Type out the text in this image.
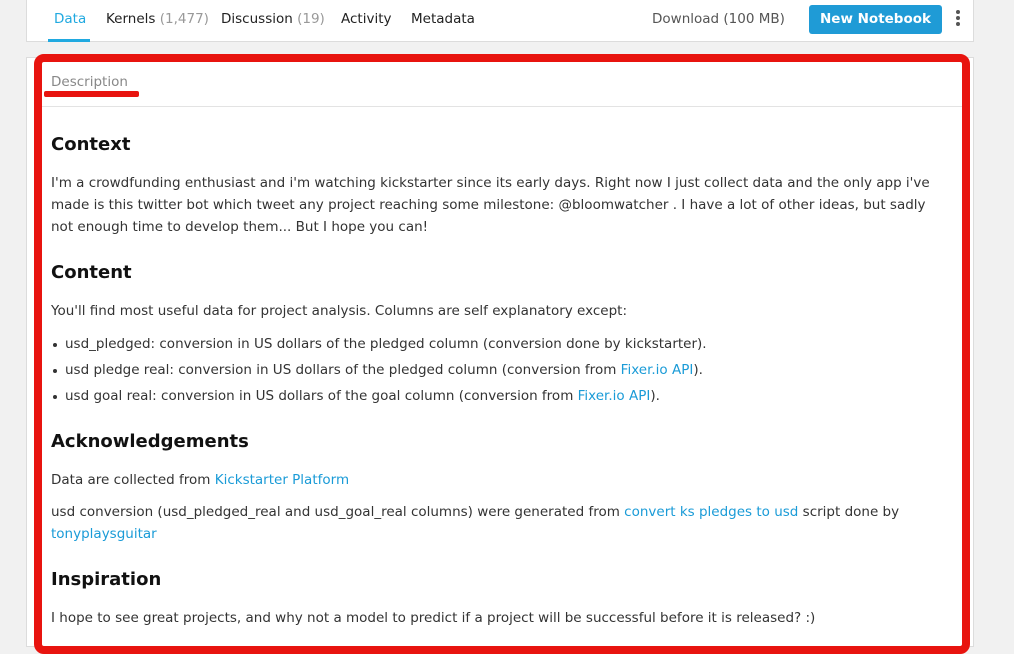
Data Kernels (1,477) Discussion (19) Activity Metadata	Download (100 MB)	New Notebook
Description
Context

I'm a crowdfunding enthusiast and i'm watching kickstarter since its early days. Right now I just collect data and the only app i've made is this twitter bot which tweet any project reaching some milestone: @bloomwatcher . I have a lot of other ideas, but sadly not enough time to develop them... But I hope you can!

Content

You'll find most useful data for project analysis. Columns are self explanatory except:

usd_pledged: conversion in US dollars of the pledged column (conversion done by kickstarter).
usd pledge real: conversion in US dollars of the pledged column (conversion from Fixer.io API).
usd goal real: conversion in US dollars of the goal column (conversion from Fixer.io API).
Acknowledgements

Data are collected from Kickstarter Platform

usd conversion (usd_pledged_real and usd_goal_real columns) were generated from convert ks pledges to usd script done by
tonyplaysguitar

Inspiration

I hope to see great projects, and why not a model to predict if a project will be successful before it is released? :)
